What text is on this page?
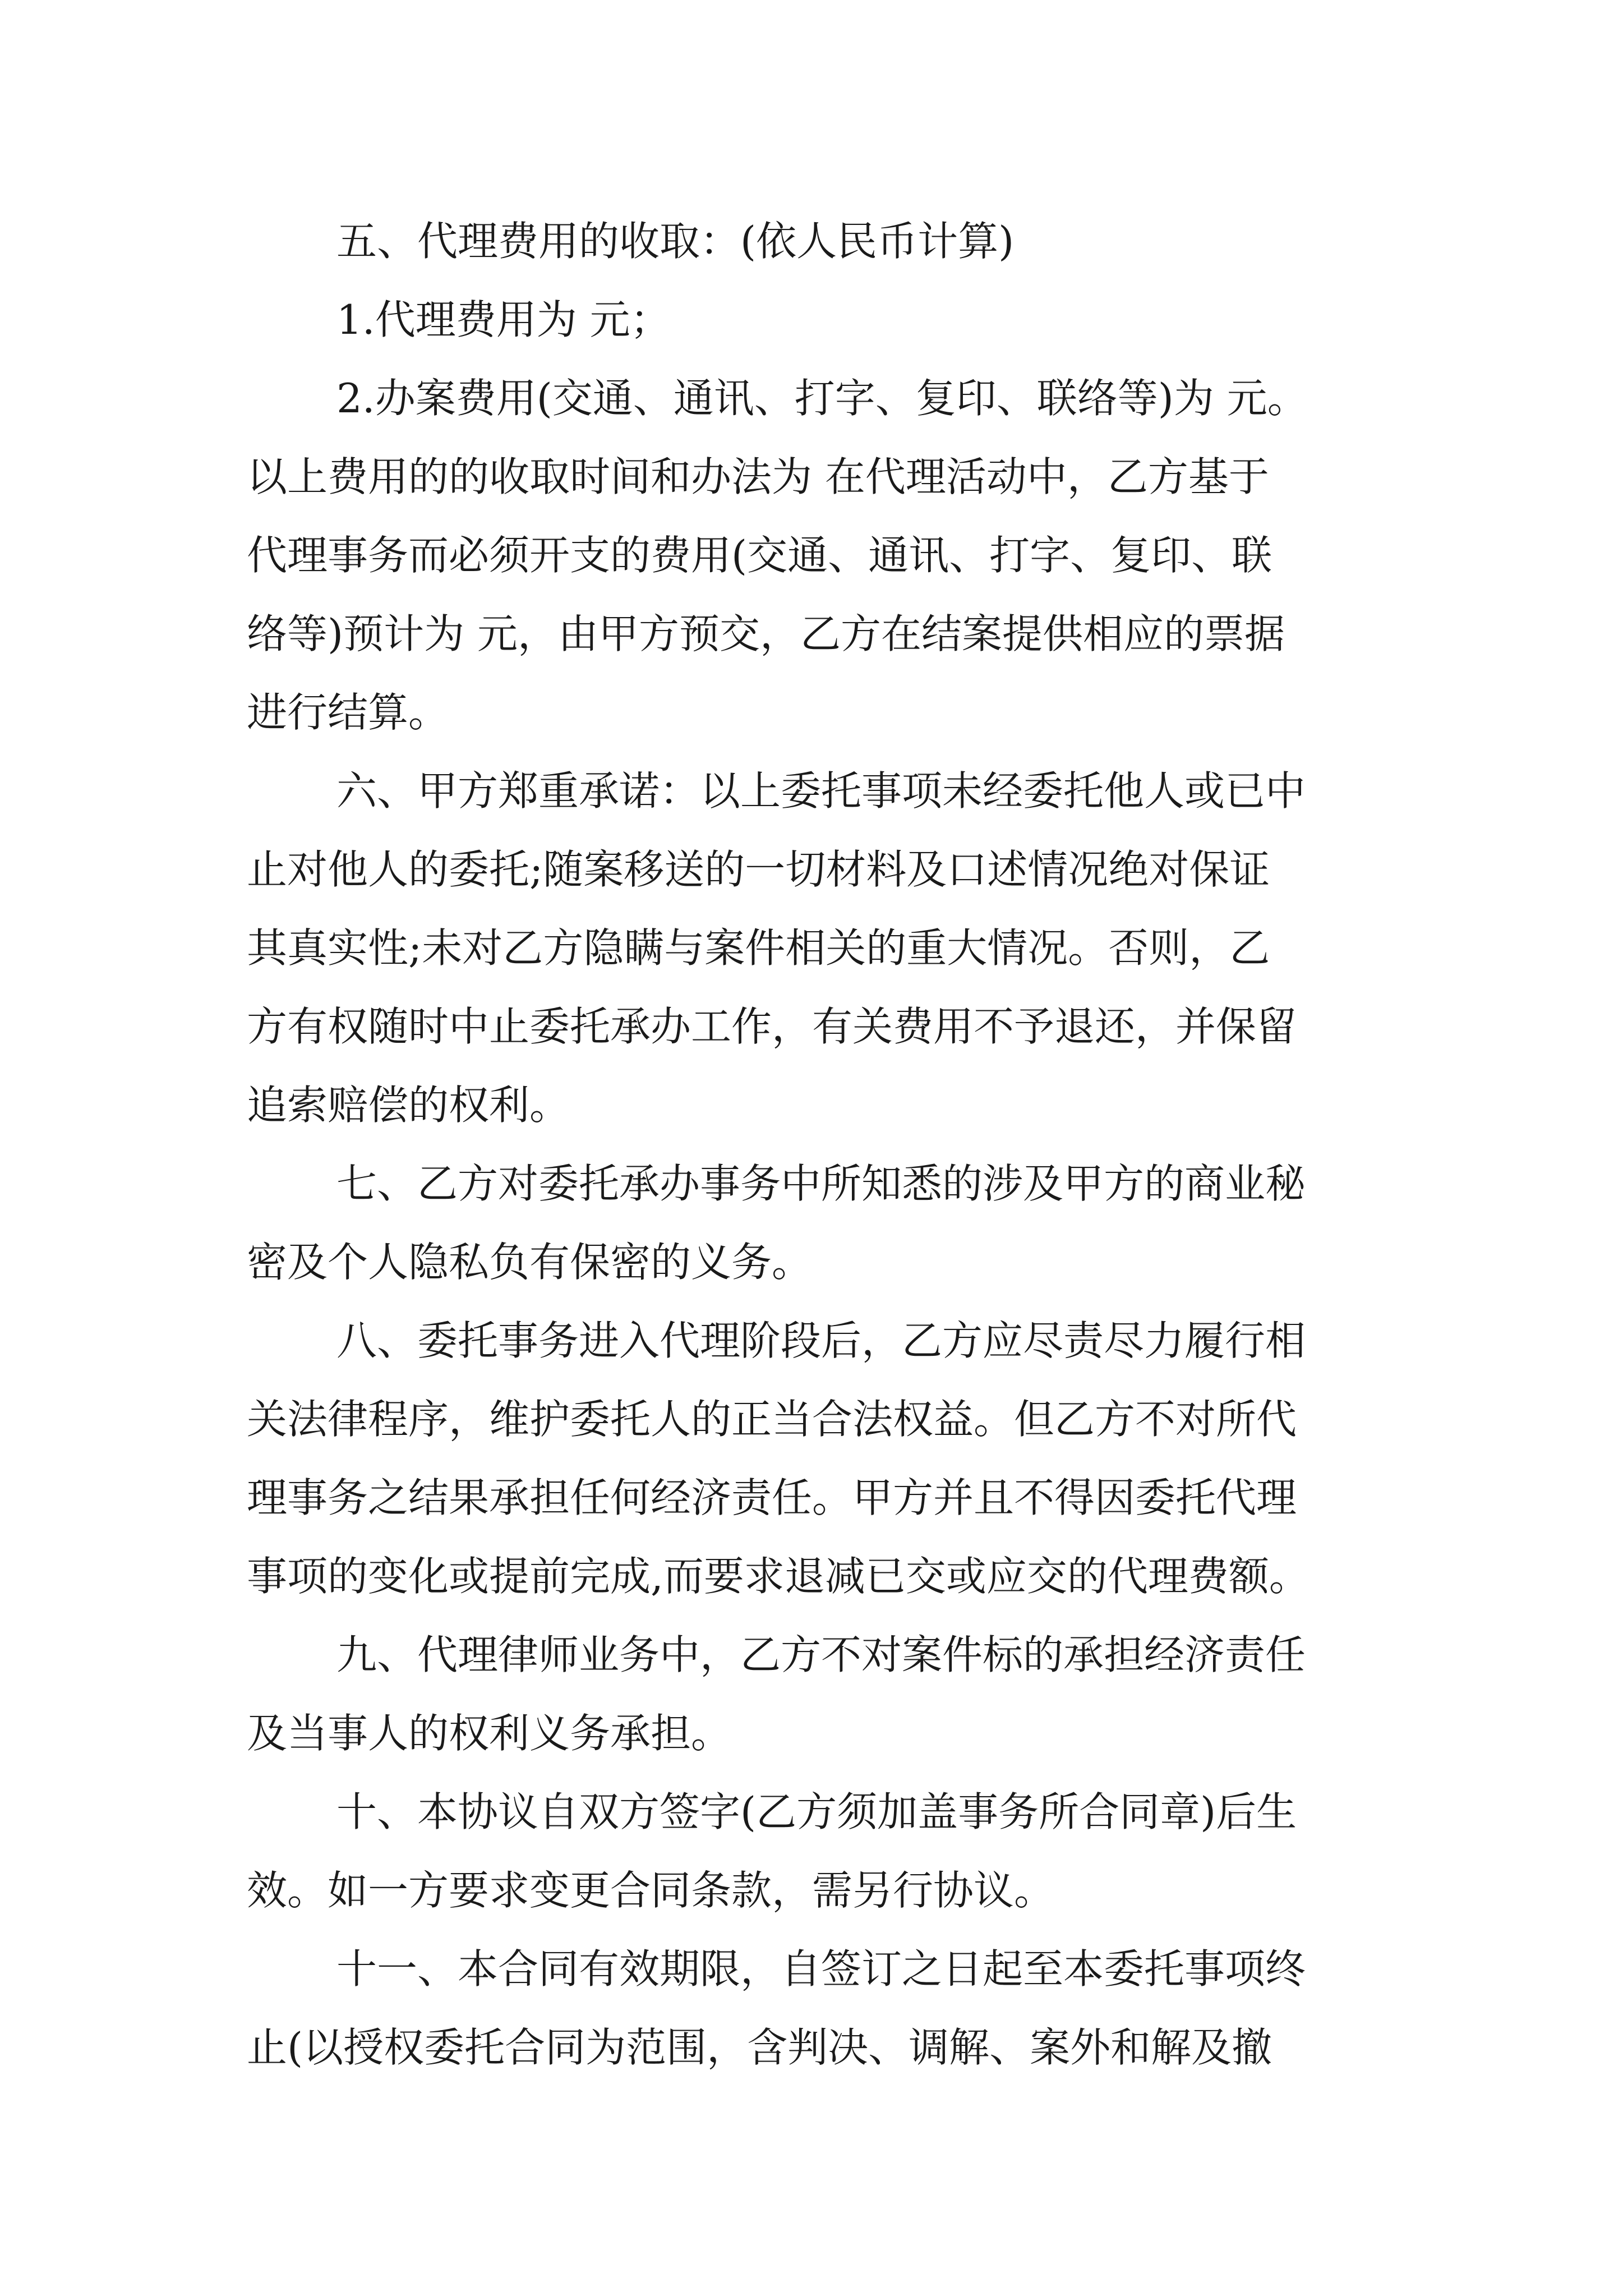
五、代理费用的收取：(依人民币计算)

1.代理费用为 元；

2.办案费用(交通、通讯、打字、复印、联络等)为 元。

以上费用的的收取时间和办法为 在代理活动中，乙方基于

代理事务而必须开支的费用(交通、通讯、打字、复印、联

络等)预计为 元，由甲方预交，乙方在结案提供相应的票据

进行结算。

六、甲方郑重承诺：以上委托事项未经委托他人或已中

止对他人的委托;随案移送的一切材料及口述情况绝对保证

其真实性;未对乙方隐瞒与案件相关的重大情况。否则，乙

方有权随时中止委托承办工作，有关费用不予退还，并保留

追索赔偿的权利。

七、乙方对委托承办事务中所知悉的涉及甲方的商业秘

密及个人隐私负有保密的义务。

八、委托事务进入代理阶段后，乙方应尽责尽力履行相

关法律程序，维护委托人的正当合法权益。但乙方不对所代

理事务之结果承担任何经济责任。甲方并且不得因委托代理

事项的变化或提前完成,而要求退减已交或应交的代理费额。

九、代理律师业务中，乙方不对案件标的承担经济责任

及当事人的权利义务承担。

十、本协议自双方签字(乙方须加盖事务所合同章)后生

效。如一方要求变更合同条款，需另行协议。

十一、本合同有效期限，自签订之日起至本委托事项终

止(以授权委托合同为范围，含判决、调解、案外和解及撤
